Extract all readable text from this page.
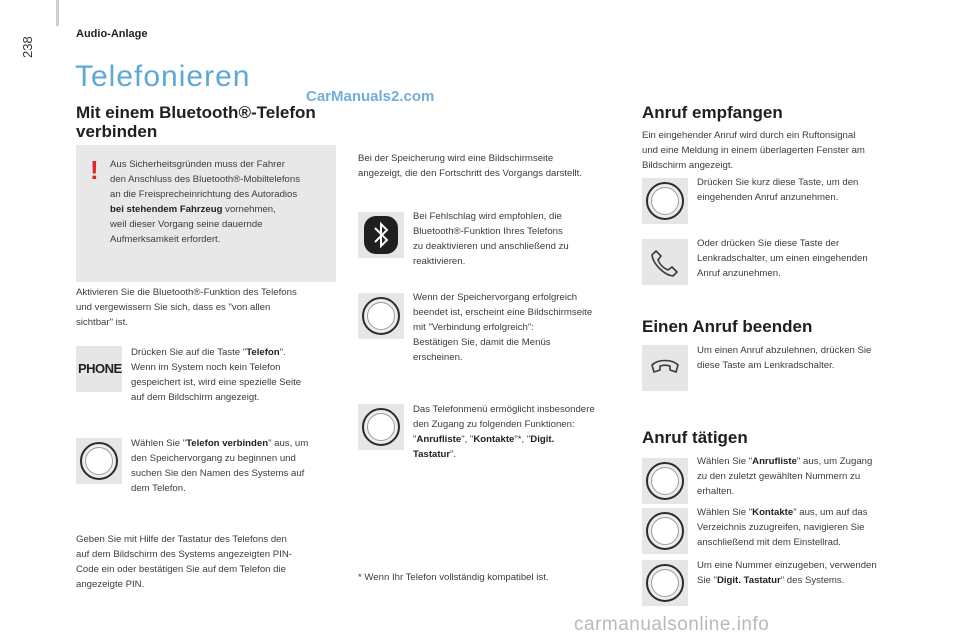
238
Audio-Anlage
Telefonieren
CarManuals2.com
Mit einem Bluetooth®-Telefon
verbinden
! Aus Sicherheitsgründen muss der Fahrer
den Anschluss des Bluetooth®-Mobiltelefons
an die Freisprecheinrichtung des Autoradios
bei stehendem Fahrzeug vornehmen,
weil dieser Vorgang seine dauernde
Aufmerksamkeit erfordert.

Aktivieren Sie die Bluetooth®-Funktion des Telefons
und vergewissern Sie sich, dass es "von allen
sichtbar" ist.

PHONE

Drücken Sie auf die Taste "Telefon".
Wenn im System noch kein Telefon
gespeichert ist, wird eine spezielle Seite
auf dem Bildschirm angezeigt.

Wählen Sie "Telefon verbinden" aus, um
den Speichervorgang zu beginnen und
suchen Sie den Namen des Systems auf
dem Telefon.

Geben Sie mit Hilfe der Tastatur des Telefons den
auf dem Bildschirm des Systems angezeigten PIN-
Code ein oder bestätigen Sie auf dem Telefon die
angezeigte PIN.

Bei der Speicherung wird eine Bildschirmseite
angezeigt, die den Fortschritt des Vorgangs darstellt.

Bei Fehlschlag wird empfohlen, die
Bluetooth®-Funktion Ihres Telefons
zu deaktivieren und anschließend zu
reaktivieren.

Wenn der Speichervorgang erfolgreich
beendet ist, erscheint eine Bildschirmseite
mit "Verbindung erfolgreich":
Bestätigen Sie, damit die Menüs
erscheinen.

Das Telefonmenü ermöglicht insbesondere
den Zugang zu folgenden Funktionen:
"Anrufliste", "Kontakte"*, "Digit.
Tastatur".

* Wenn Ihr Telefon vollständig kompatibel ist.

Anruf empfangen

Ein eingehender Anruf wird durch ein Ruftonsignal
und eine Meldung in einem überlagerten Fenster am
Bildschirm angezeigt.

Drücken Sie kurz diese Taste, um den
eingehenden Anruf anzunehmen.

Oder drücken Sie diese Taste der
Lenkradschalter, um einen eingehenden
Anruf anzunehmen.

Einen Anruf beenden

Um einen Anruf abzulehnen, drücken Sie
diese Taste am Lenkradschalter.

Anruf tätigen

Wählen Sie "Anrufliste" aus, um Zugang
zu den zuletzt gewählten Nummern zu
erhalten.

Wählen Sie "Kontakte" aus, um auf das
Verzeichnis zuzugreifen, navigieren Sie
anschließend mit dem Einstellrad.

Um eine Nummer einzugeben, verwenden
Sie "Digit. Tastatur" des Systems.

carmanualsonline.info
